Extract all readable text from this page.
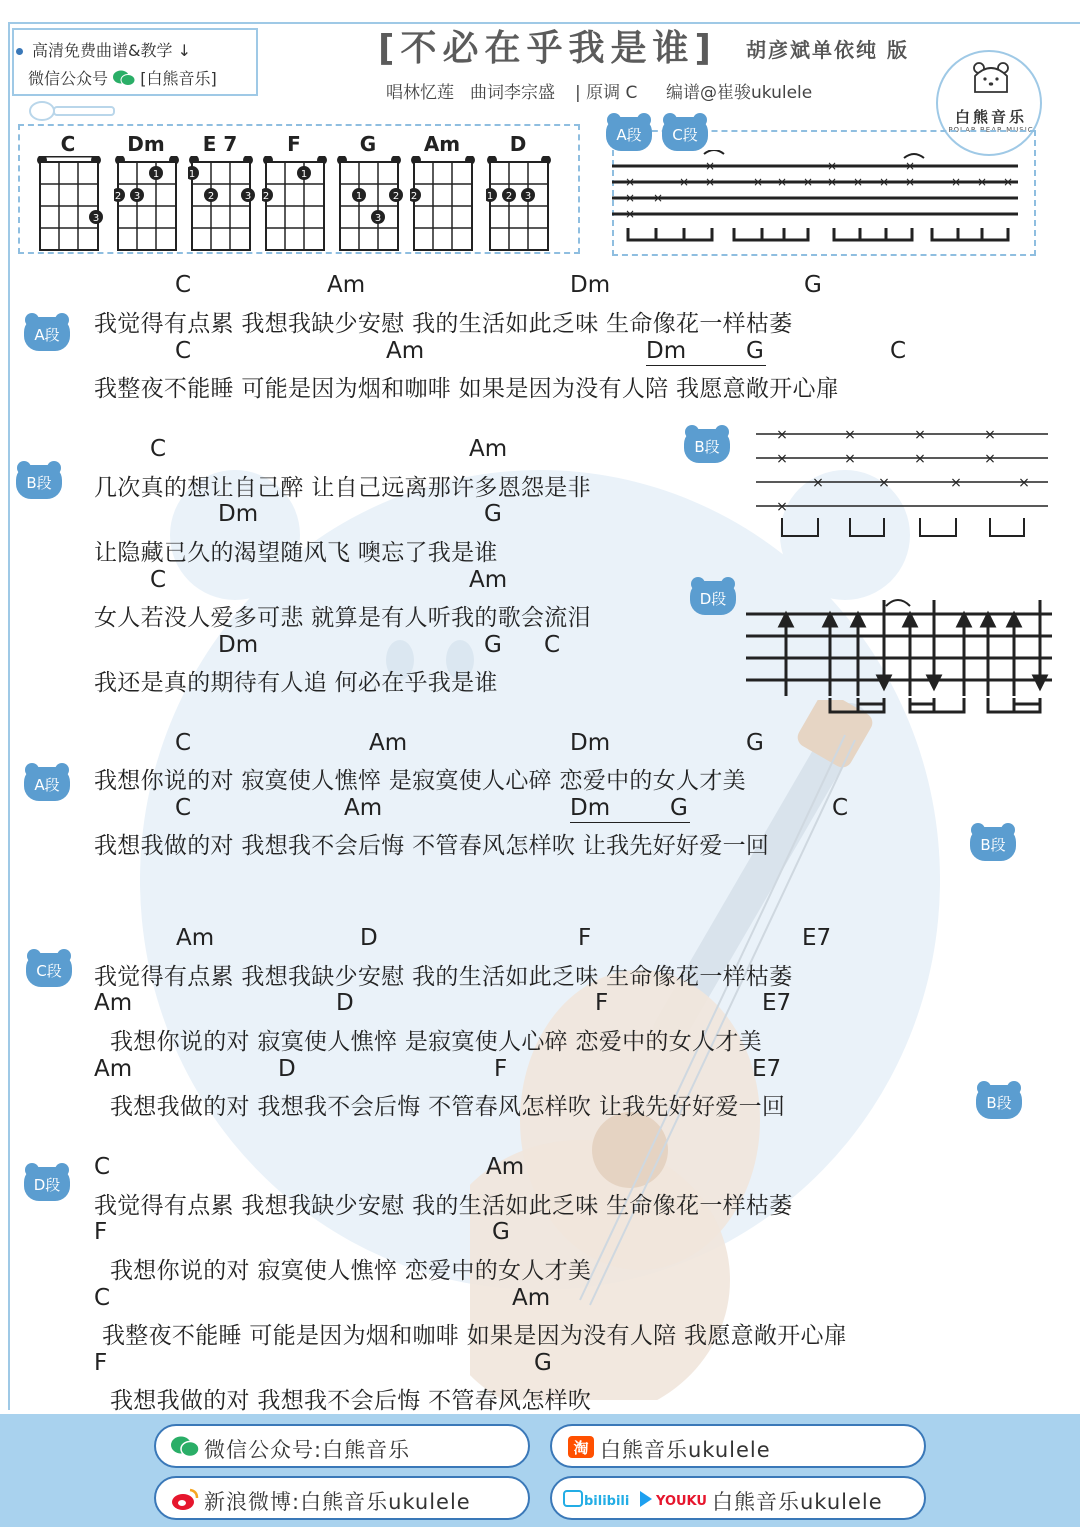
高清免费曲谱&教学 ↓
微信公众号 [白熊音乐]
[不必在乎我是谁] 胡彦斌单依纯 版
唱林忆莲 曲词李宗盛 | 原调 C 编谱@崔骏ukulele
白熊音乐
POLAR BEAR MUSIC
C
3
Dm
1
2 3
E 7
1
2	3
F
1
2
G
1	2
3
Am
2
D
1 2 3
A段	C段
×
×
×
×
×
×
×	× × ×
×
× × ×
×
×	× × ×
B段
×
×
×
×
×
×
×
×
×	×	×	×
×
D段
A段
C	Am	Dm	G
我觉得有点累 我想我缺少安慰 我的生活如此乏味 生命像花一样枯萎
C	Am	Dm	G	C
我整夜不能睡 可能是因为烟和咖啡 如果是因为没有人陪 我愿意敞开心扉
B段
C	Am
几次真的想让自己醉 让自己远离那许多恩怨是非
Dm	G
让隐藏已久的渴望随风飞 噢忘了我是谁
C	Am
女人若没人爱多可悲 就算是有人听我的歌会流泪
Dm	G C
我还是真的期待有人追 何必在乎我是谁
A段
C	Am	Dm	G
我想你说的对 寂寞使人憔悴 是寂寞使人心碎 恋爱中的女人才美
C	Am	Dm	G	C
我想我做的对 我想我不会后悔 不管春风怎样吹 让我先好好爱一回	B段
C段
Am	D	F	E7
我觉得有点累 我想我缺少安慰 我的生活如此乏味 生命像花一样枯萎
Am	D	F	E7
我想你说的对 寂寞使人憔悴 是寂寞使人心碎 恋爱中的女人才美
Am	D	F	E7
我想我做的对 我想我不会后悔 不管春风怎样吹 让我先好好爱一回	B段
D段
C	Am
我觉得有点累 我想我缺少安慰 我的生活如此乏味 生命像花一样枯萎
F	G
我想你说的对 寂寞使人憔悴 恋爱中的女人才美
C	Am
我整夜不能睡 可能是因为烟和咖啡 如果是因为没有人陪 我愿意敞开心扉
F	G
我想我做的对 我想我不会后悔 不管春风怎样吹
微信公众号:白熊音乐	淘 白熊音乐ukulele
新浪微博:白熊音乐ukulele	bilibili YOUKU 白熊音乐ukulele
